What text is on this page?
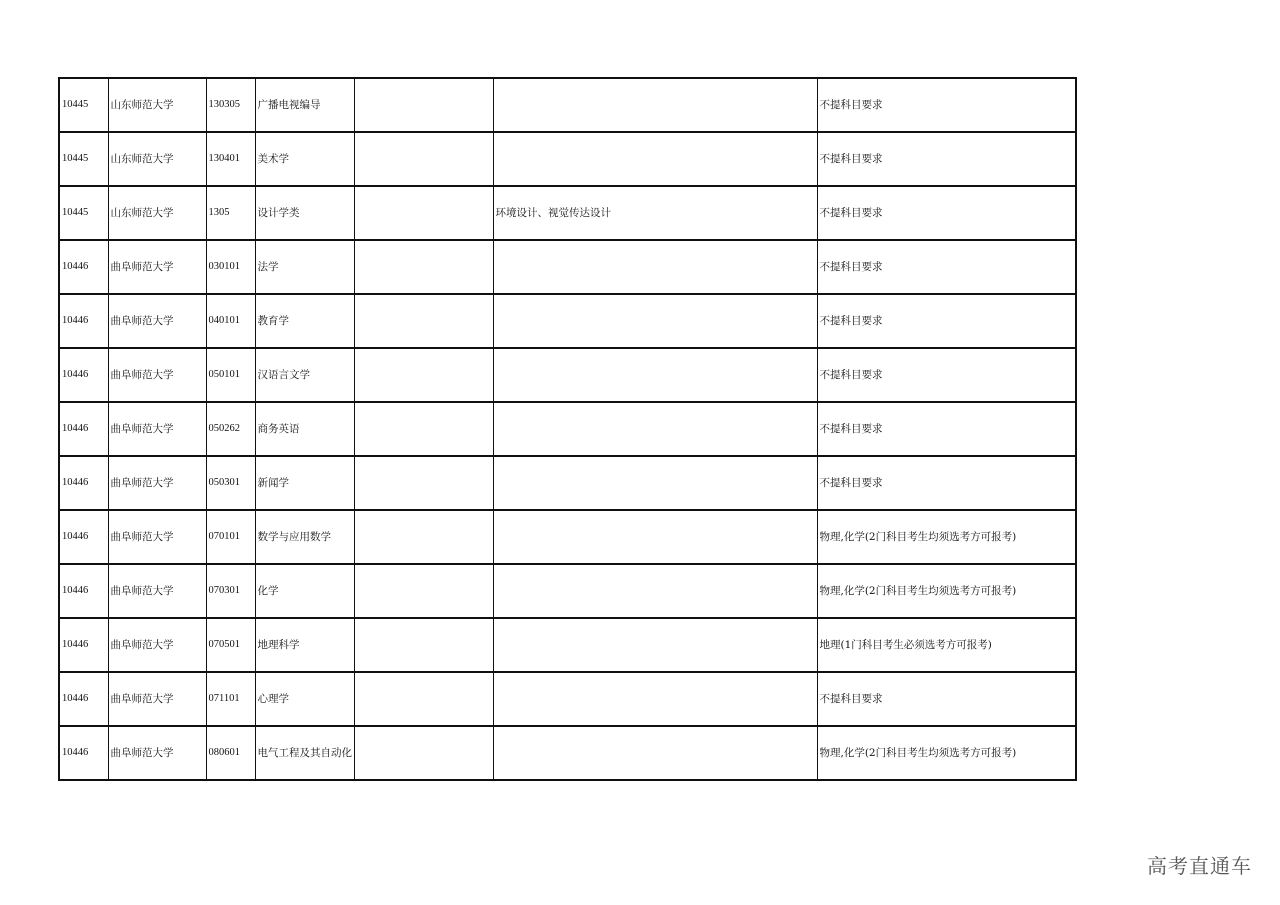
10445	山东师范大学	130305	广播电视编导			不提科目要求
10445	山东师范大学	130401	美术学			不提科目要求
10445	山东师范大学	1305	设计学类		环境设计、视觉传达设计	不提科目要求
10446	曲阜师范大学	030101	法学			不提科目要求
10446	曲阜师范大学	040101	教育学			不提科目要求
10446	曲阜师范大学	050101	汉语言文学			不提科目要求
10446	曲阜师范大学	050262	商务英语			不提科目要求
10446	曲阜师范大学	050301	新闻学			不提科目要求
10446	曲阜师范大学	070101	数学与应用数学			物理,化学(2门科目考生均须选考方可报考)
10446	曲阜师范大学	070301	化学			物理,化学(2门科目考生均须选考方可报考)
10446	曲阜师范大学	070501	地理科学			地理(1门科目考生必须选考方可报考)
10446	曲阜师范大学	071101	心理学			不提科目要求
10446	曲阜师范大学	080601	电气工程及其自动化			物理,化学(2门科目考生均须选考方可报考)
高考直通车
